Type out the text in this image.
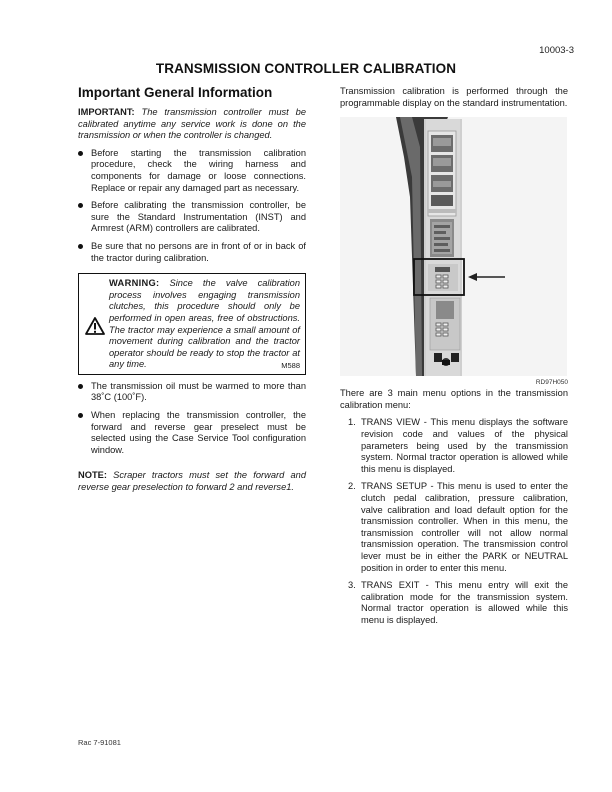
10003-3
TRANSMISSION CONTROLLER CALIBRATION
Important General Information

IMPORTANT: The transmission controller must be calibrated anytime any service work is done on the transmission or when the controller is changed.

Before starting the transmission calibration procedure, check the wiring harness and components for damage or loose connections. Replace or repair any damaged part as necessary.
Before calibrating the transmission controller, be sure the Standard Instrumentation (INST) and Armrest (ARM) controllers are calibrated.
Be sure that no persons are in front of or in back of the tractor during calibration.
WARNING: Since the valve calibration process involves engaging transmission clutches, this procedure should only be performed in open areas, free of obstructions. The tractor may experience a small amount of movement during calibration and the tractor operator should be ready to stop the tractor at any time.	M588
The transmission oil must be warmed to more than 38˚C (100˚F).
When replacing the transmission controller, the forward and reverse gear preselect must be selected using the Case Service Tool configuration window.

NOTE: Scraper tractors must set the forward and reverse gear preselection to forward 2 and reverse1.

Transmission calibration is performed through the programmable display on the standard instrumentation.

RD97H050

There are 3 main menu options in the transmission calibration menu:

1. TRANS VIEW - This menu displays the software revision code and values of the physical parameters being used by the transmission system. Normal tractor operation is allowed while this menu is displayed.
2. TRANS SETUP - This menu is used to enter the clutch pedal calibration, pressure calibration, valve calibration and load default option for the transmission controller. When in this menu, the transmission controller will not allow normal transmission operation. The transmission control lever must be in either the PARK or NEUTRAL position in order to enter this menu.
3. TRANS EXIT - This menu entry will exit the calibration mode for the transmission system. Normal tractor operation is allowed while this menu is displayed.
Rac 7-91081
